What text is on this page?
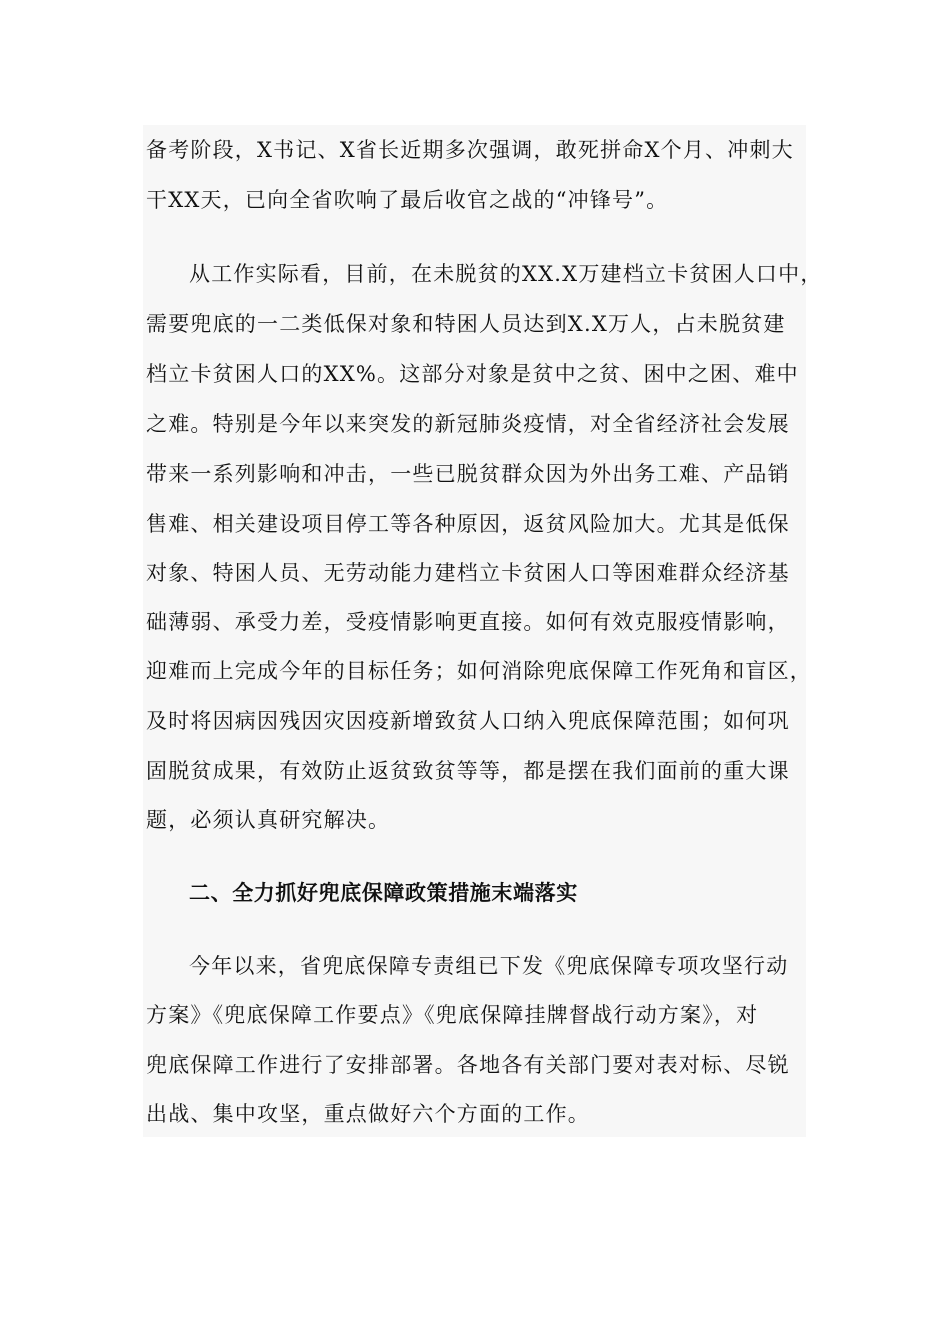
备考阶段，X书记、X省长近期多次强调，敢死拼命X个月、冲刺大
干XX天，已向全省吹响了最后收官之战的“冲锋号”。
从工作实际看，目前，在未脱贫的XX.X万建档立卡贫困人口中，
需要兜底的一二类低保对象和特困人员达到X.X万人，占未脱贫建
档立卡贫困人口的XX%。这部分对象是贫中之贫、困中之困、难中
之难。特别是今年以来突发的新冠肺炎疫情，对全省经济社会发展
带来一系列影响和冲击，一些已脱贫群众因为外出务工难、产品销
售难、相关建设项目停工等各种原因，返贫风险加大。尤其是低保
对象、特困人员、无劳动能力建档立卡贫困人口等困难群众经济基
础薄弱、承受力差，受疫情影响更直接。如何有效克服疫情影响，
迎难而上完成今年的目标任务；如何消除兜底保障工作死角和盲区，
及时将因病因残因灾因疫新增致贫人口纳入兜底保障范围；如何巩
固脱贫成果，有效防止返贫致贫等等，都是摆在我们面前的重大课
题，必须认真研究解决。
二、全力抓好兜底保障政策措施末端落实
今年以来，省兜底保障专责组已下发《兜底保障专项攻坚行动
方案》《兜底保障工作要点》《兜底保障挂牌督战行动方案》，对
兜底保障工作进行了安排部署。各地各有关部门要对表对标、尽锐
出战、集中攻坚，重点做好六个方面的工作。
